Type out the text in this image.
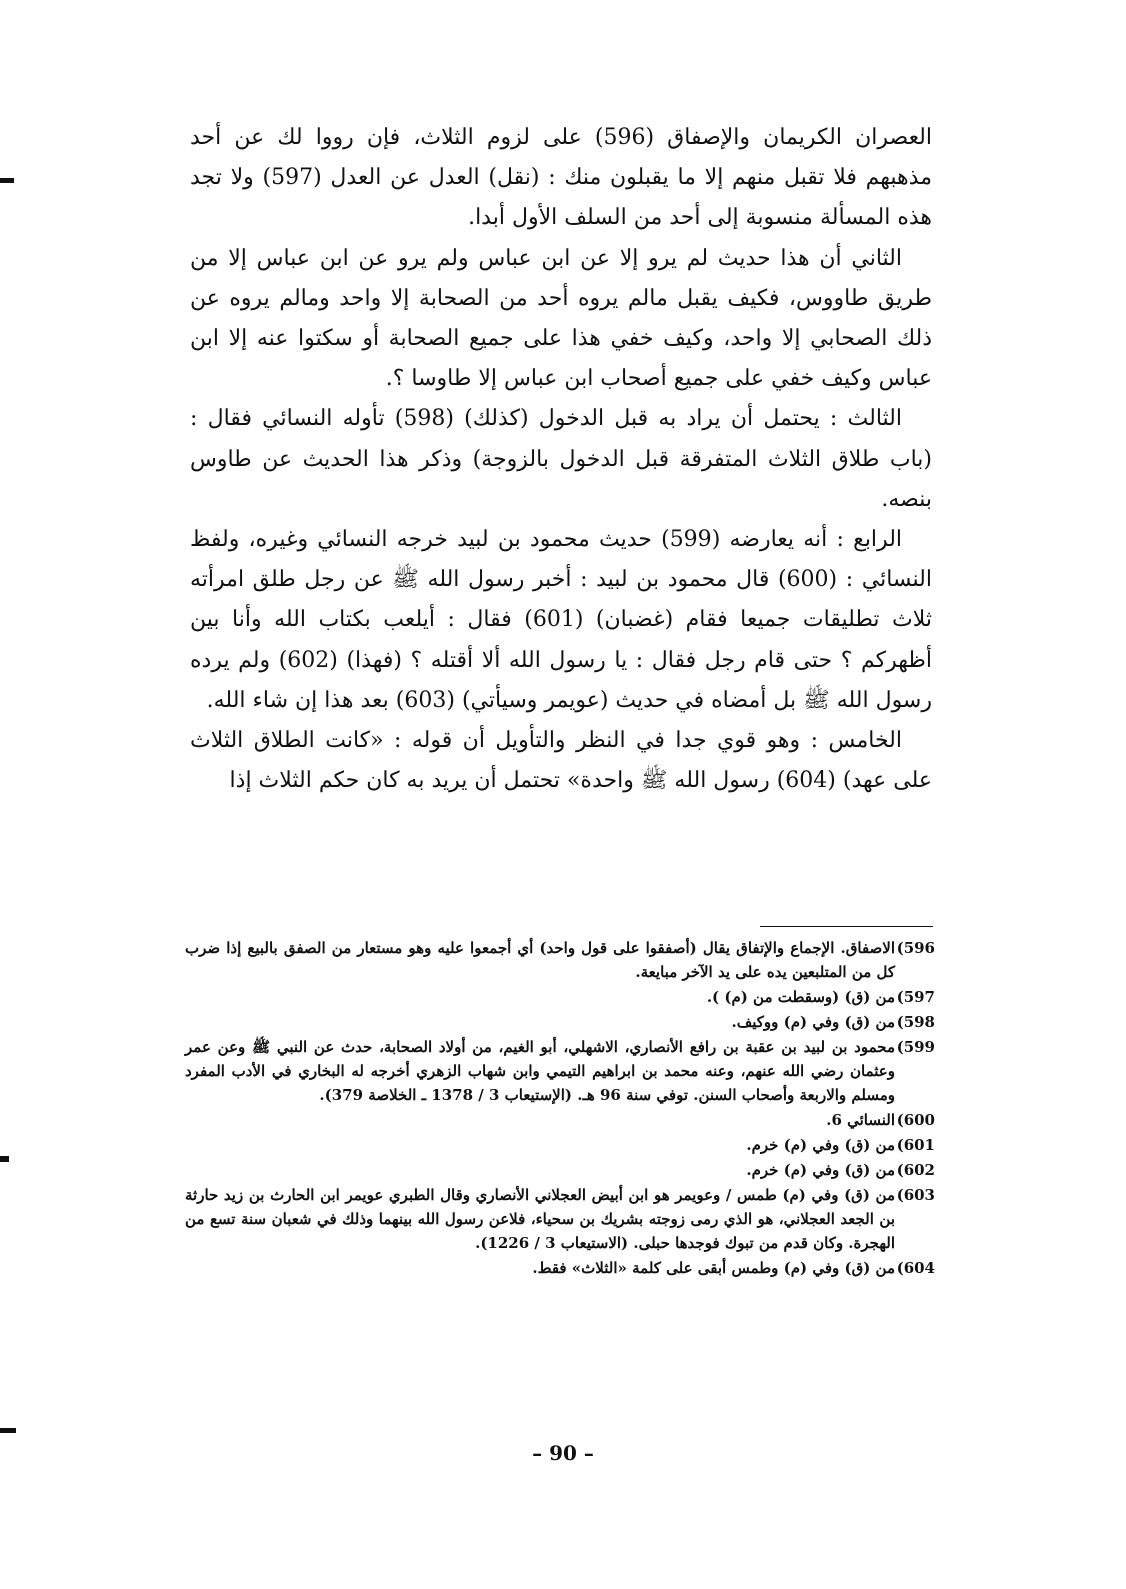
العصران الكريمان والإصفاق (596) على لزوم الثلاث، فإن رووا لك عن أحد مذهبهم فلا تقبل منهم إلا ما يقبلون منك : (نقل) العدل عن العدل (597) ولا تجد هذه المسألة منسوبة إلى أحد من السلف الأول أبدا.

الثاني أن هذا حديث لم يرو إلا عن ابن عباس ولم يرو عن ابن عباس إلا من طريق طاووس، فكيف يقبل مالم يروه أحد من الصحابة إلا واحد ومالم يروه عن ذلك الصحابي إلا واحد، وكيف خفي هذا على جميع الصحابة أو سكتوا عنه إلا ابن عباس وكيف خفي على جميع أصحاب ابن عباس إلا طاوسا ؟.

الثالث : يحتمل أن يراد به قبل الدخول (كذلك) (598) تأوله النسائي فقال : (باب طلاق الثلاث المتفرقة قبل الدخول بالزوجة) وذكر هذا الحديث عن طاوس بنصه.

الرابع : أنه يعارضه (599) حديث محمود بن لبيد خرجه النسائي وغيره، ولفظ النسائي : (600) قال محمود بن لبيد : أخبر رسول الله ﷺ عن رجل طلق امرأته ثلاث تطليقات جميعا فقام (غضبان) (601) فقال : أيلعب بكتاب الله وأنا بين أظهركم ؟ حتى قام رجل فقال : يا رسول الله ألا أقتله ؟ (فهذا) (602) ولم يرده رسول الله ﷺ بل أمضاه في حديث (عويمر وسيأتي) (603) بعد هذا إن شاء الله.

الخامس : وهو قوي جدا في النظر والتأويل أن قوله : «كانت الطلاق الثلاث على عهد) (604) رسول الله ﷺ واحدة» تحتمل أن يريد به كان حكم الثلاث إذا

596)
الاصفاق. الإجماع والإتفاق يقال (أصفقوا على قول واحد) أي أجمعوا عليه وهو مستعار من الصفق بالبيع إذا ضرب كل من المتلبعين يده على يد الآخر مبايعة.
597)
من (ق) (وسقطت من (م) ).
598)
من (ق) وفي (م) ووكيف.
599)
محمود بن لبيد بن عقبة بن رافع الأنصاري، الاشهلي، أبو الغيم، من أولاد الصحابة، حدث عن النبي ﷺ وعن عمر وعثمان رضي الله عنهم، وعنه محمد بن ابراهيم التيمي وابن شهاب الزهري أخرجه له البخاري في الأدب المفرد ومسلم والاربعة وأصحاب السنن. توفي سنة 96 هـ. (الإستيعاب 3 / 1378 ـ الخلاصة 379).
600)
النسائي 6.
601)
من (ق) وفي (م) خرم.
602)
من (ق) وفي (م) خرم.
603)
من (ق) وفي (م) طمس / وعويمر هو ابن أبيض العجلاني الأنصاري وقال الطبري عويمر ابن الحارث بن زيد حارثة بن الجعد العجلاني، هو الذي رمى زوجته بشريك بن سحياء، فلاعن رسول الله بينهما وذلك في شعبان سنة تسع من الهجرة. وكان قدم من تبوك فوجدها حبلى. (الاستيعاب 3 / 1226).
604)
من (ق) وفي (م) وطمس أبقى على كلمة «الثلاث» فقط.
– 90 –
